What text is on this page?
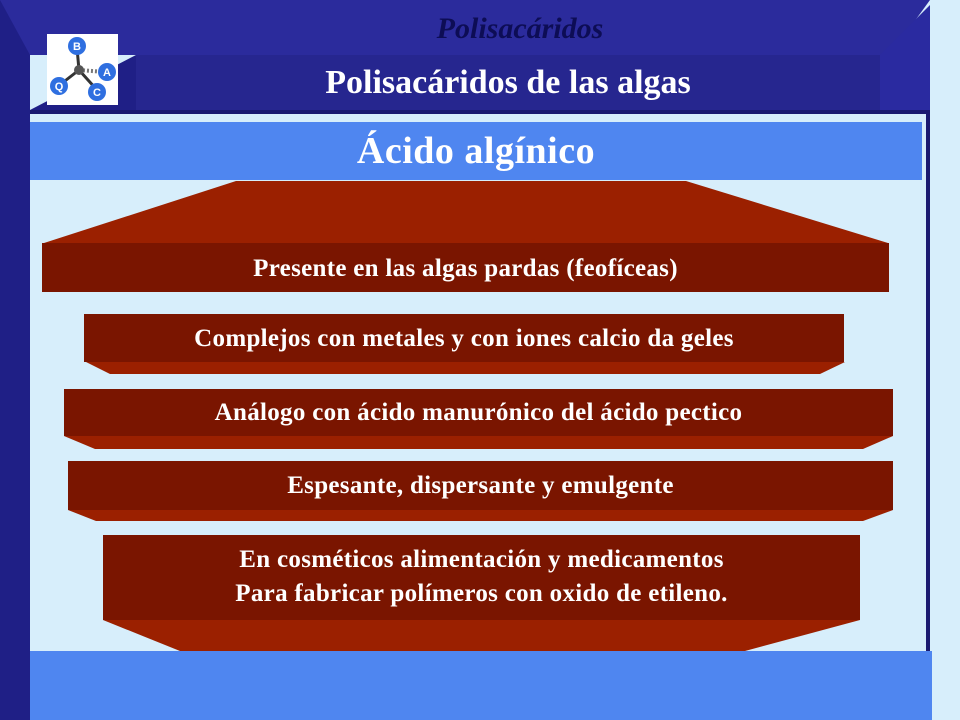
Polisacáridos
Polisacáridos de las algas
B
A
C
Q
Ácido algínico
Presente en las algas pardas (feofíceas)
Complejos con metales y con iones calcio da geles
Análogo con ácido manurónico del ácido pectico
Espesante, dispersante y emulgente
En cosméticos alimentación y medicamentos
Para fabricar polímeros con oxido de etileno.
